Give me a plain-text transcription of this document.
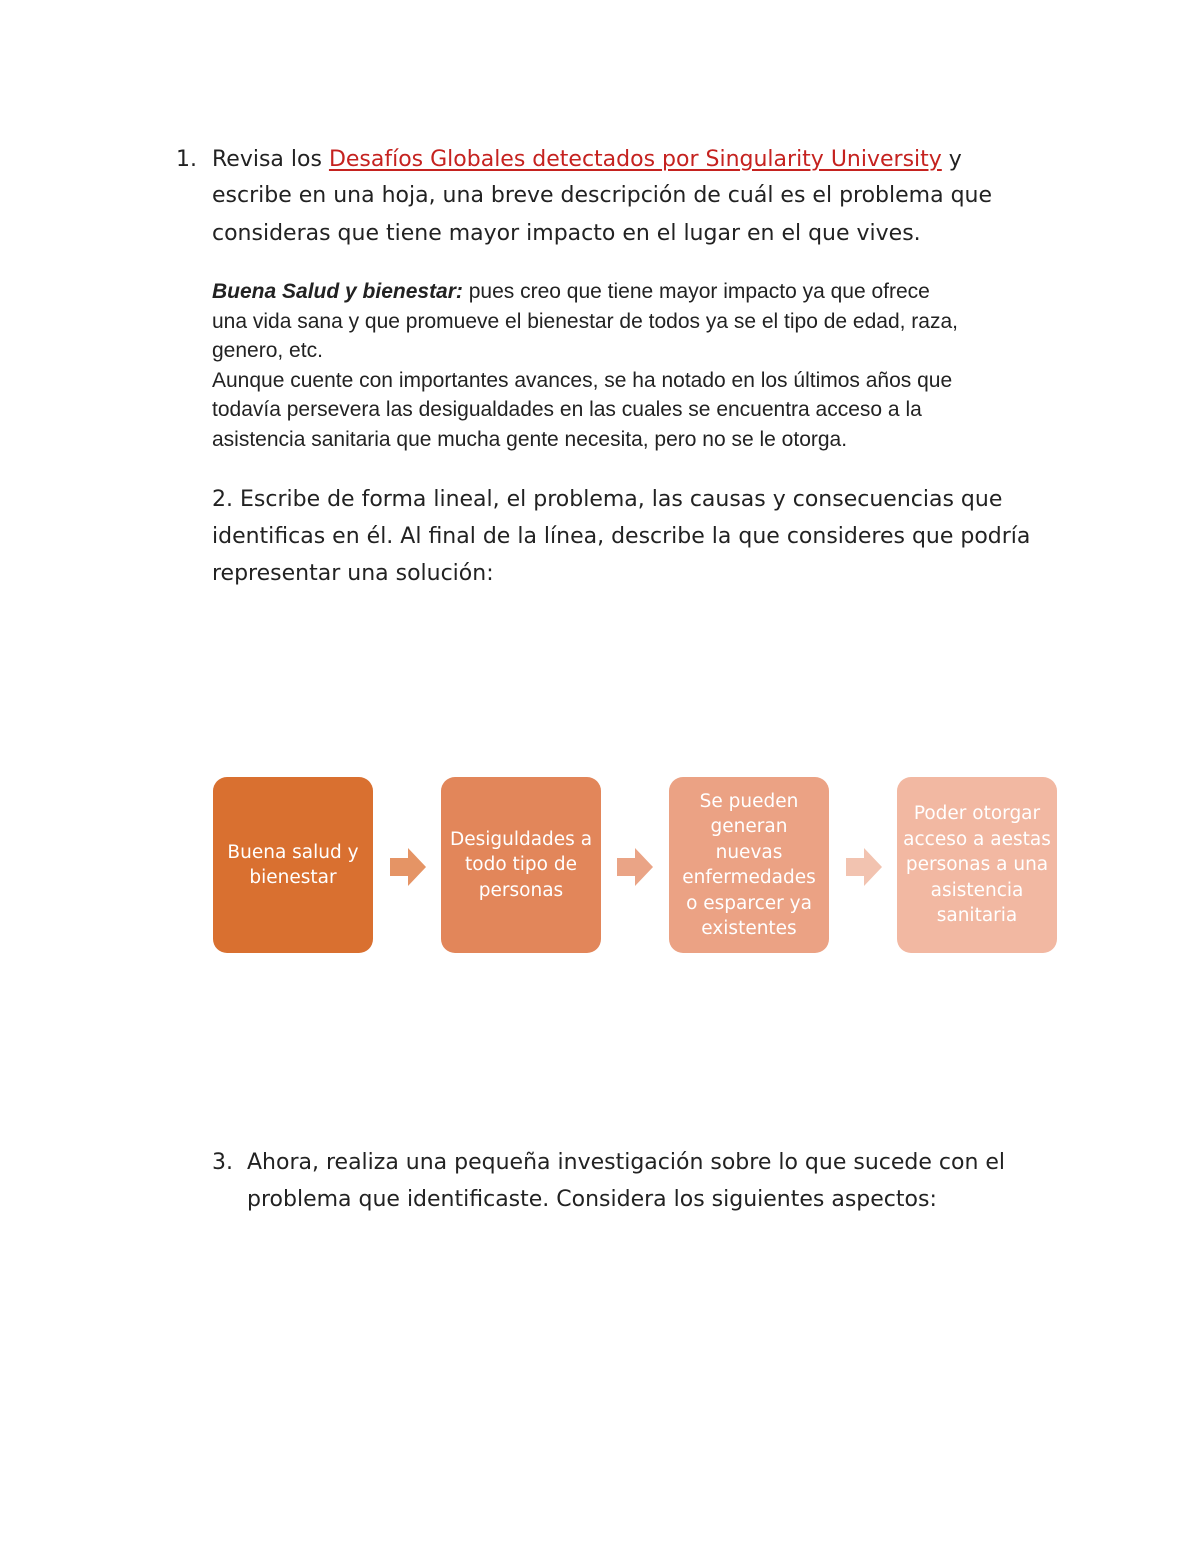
1. Revisa los Desafíos Globales detectados por Singularity University y
escribe en una hoja, una breve descripción de cuál es el problema que
consideras que tiene mayor impacto en el lugar en el que vives.
Buena Salud y bienestar: pues creo que tiene mayor impacto ya que ofrece
una vida sana y que promueve el bienestar de todos ya se el tipo de edad, raza,
genero, etc.
Aunque cuente con importantes avances, se ha notado en los últimos años que
todavía persevera las desigualdades en las cuales se encuentra acceso a la
asistencia sanitaria que mucha gente necesita, pero no se le otorga.
2. Escribe de forma lineal, el problema, las causas y consecuencias que
identificas en él. Al final de la línea, describe la que consideres que podría
representar una solución:
Buena salud y bienestar
Desiguldades a todo tipo de personas
Se pueden generan nuevas enfermedades o esparcer ya existentes
Poder otorgar acceso a aestas personas a una asistencia sanitaria
3. Ahora, realiza una pequeña investigación sobre lo que sucede con el
problema que identificaste. Considera los siguientes aspectos:
